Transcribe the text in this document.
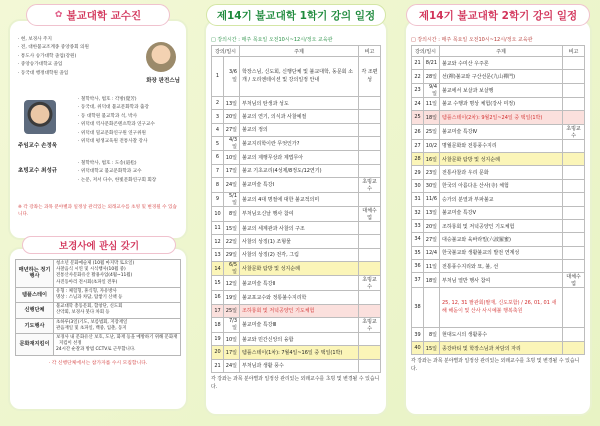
✿ 불교대학 교수진
· 현, 보경사 주지
· 전, 대한불교조계종 중앙종회 의원
· 통도사 승가대학 졸업(강원)
· 중앙승가대학교 졸업
· 동국대 행정대학원 졸업
화장 판전스님
· 철학박사, 법호 : 각방(覺芳)
· 동국대, 위덕대 불교문화학과 출강
· 동 대학원 불교학과 석, 박사
· 위덕대 역사문화콘텐츠학과 연구교수
· 위덕대 밀교문화연구원 연구위원
· 위덕대 평생교육원 전통사찰 강사
주임교수 손정욱
· 철학박사, 법호 : 도송(道松)
· 위덕대학교 불교문화학과 교수
· 논문, 저서 다수, 한빛문화연구회 회장
초빙교수 최성규
※ 각 강좌는 과목 분야별과 일정상 관리있는 외래교수를 초빙 및 변경될 수 있습니다.
보경사에 관심 갖기
매년하는 정기행사	청소년 문화예술제 (10월 마지막 토요일)
사찰음식 시연 및 시식행사(10월 중)
전통산사문화유산 활용사업(4월~11월)
사진동아리 전시회(초파일 전후)

템플스테이	유형 : 체험형, 휴식형, 자유방사
명상 : 스님과 차담, 탑쌓기 산책 등

신행단체	불교대학 총동문회, 합창단, 신도회
산악회, 보경사 붓다 차회 등

기도행사	초하루(3일)기도, 보름법회, 지장재일
관음재일 및 초파일, 백중, 입춘, 동지

문화재지킴이	보경사 내 문화유산 보호, 도난, 화재 등을 예방하기 위해 문화재지킴이 선정
24시간 순찰과 방범 CCTV로 근무합니다.
· 각 신행단체에서는 참가자를 수시 모집합니다.
제14기 불교대학 1학기 강의 일정
□ 강의시간 : 매주 목요일 오전10시~12시/정오 교육관
강의/일시		주제	비고
1	3/6일	학장스님, 신도회, 신행단체 및 불교대학, 동문회 소개 / 오리엔테이션 및 강의일정 안내	각 조편성
2	13일	부처님의 탄생과 성도	
3	20일	불교의 연기, 의식과 사찰예절	
4	27일	불교의 정의	
5	4/3일	불교지리학이란 무엇인가?	
6	10일	불교의 제행무상과 제법무아	
7	17일	불교 기초교리(4성제/8정도/12연기)	
8	24일	불교미술 특강Ⅰ	초빙교수
9	5/1일	불교의 4대 명절에 대한 불교적의미	
10	8일	부처님오신날 행사 참여	대체수업
11	15일	불교의 세계관과 사찰의 구조	
12	22일	사찰의 상징(1) 조형물	
13	29일	사찰의 상징(2) 전각, 그림	
14	6/5일	사찰문화 탐방 및 성지순례	
15	12일	불교미술 특강Ⅱ	초빙교수
16	19일	불교포교수와 정통불수지리학	
17	25일	조하룡회 및 저녁공양인 기도체험	
18	7/3일	불교미술 특강Ⅲ	초빙교수
19	10일	불교와 민간신앙의 융합	
20	17일	템플스테이(1차): 7월4일~16일 중 택일(1박)	
21	24일	부처님과 생활 풍수	
각 강좌는 과목 분야별과 일정상 관리있는 외래교수를 초빙 및 변경될 수 있습니다.
제14기 불교대학 2학기 강의 일정
□ 강의시간 : 매주 목요일 오전10시~12시/정오 교육관
강의/일시		주제	비고
21	8/21	불교와 수미산 우주론	
22	28일	선(禪)불교와 구산선문(九山禪門)	
23	9/4일	불교에서 보살과 보살행	
24	11일	불교 수행과 명상 체험(강사 미정)	
25	18일	템플스테이(2차): 9월2일~24일 중 택일(1박)	
26	25일	불교미술 특강Ⅳ	초빙교수
27	10/2	명월문화와 전통풍수지리	
28	16일	사찰문화 탐방 및 성지순례	
29	23일	전통사찰과 우리 문화	
30	30일	한국의 아름다운 산사(寺) 체험	
31	11/6	승가의 분열과 부파불교	
32	13일	불교미술 특강Ⅴ	
33	20일	조하룡회 및 저녁공양인 기도체험	
34	27일	대승불교와 육바라밀(六波羅蜜)	
35	12/4	한국불교와 생활불교의 발전 연계성	
36	11일	전통풍수지리와 묘, 불, 선	
37	18일	부처님 열반 행사 참여	대체수업
38		25, 12, 31 팔관회(팔재, 신도포함) / 26, 01, 01 새해 해돋이 및 산사 사시예불 행복축원	
39	8일	현대도시의 생활풍수	
40	15일	종강파티 및 학장스님과 차담의 자리	
각 강좌는 과목 분야별과 일정상 관리있는 외래교수를 초빙 및 변경될 수 있습니다.
